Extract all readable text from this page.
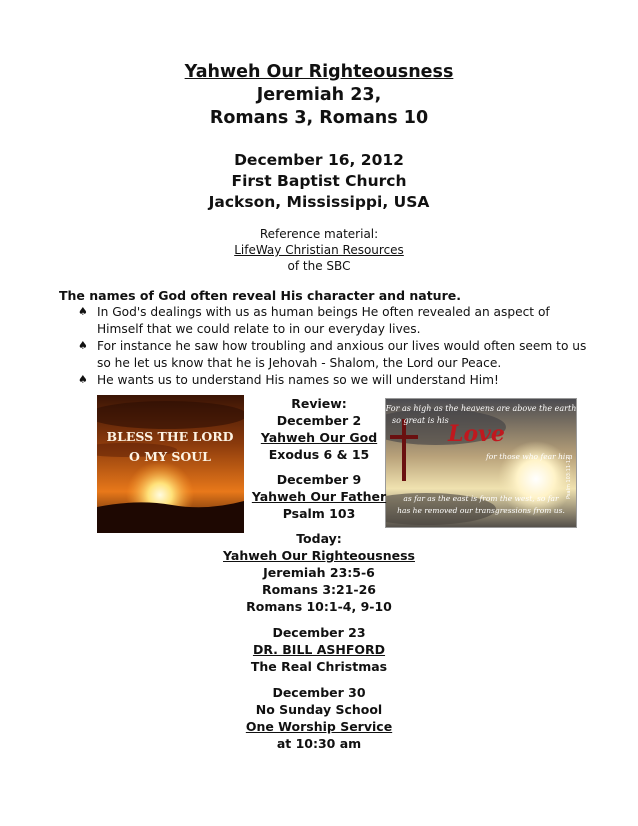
Yahweh Our Righteousness
Jeremiah 23,
Romans 3, Romans 10
December 16, 2012
First Baptist Church
Jackson, Mississippi, USA
Reference material:
LifeWay Christian Resources
of the SBC
The names of God often reveal His character and nature.
♠ In God's dealings with us as human beings He often revealed an aspect of
Himself that we could relate to in our everyday lives.
♠ For instance he saw how troubling and anxious our lives would often seem to us
so he let us know that he is Jehovah - Shalom, the Lord our Peace.
♠ He wants us to understand His names so we will understand Him!
BLESS THE LORD
O MY SOUL
For as high as the heavens are above the earth
so great is his
Love
for those who fear him
as far as the east is from the west, so far
has he removed our transgressions from us.
Psalm 103:11-12
Review:
December 2
Yahweh Our God
Exodus 6 & 15
December 9
Yahweh Our Father
Psalm 103
Today:
Yahweh Our Righteousness
Jeremiah 23:5-6
Romans 3:21-26
Romans 10:1-4, 9-10
December 23
DR. BILL ASHFORD
The Real Christmas
December 30
No Sunday School
One Worship Service
at 10:30 am
